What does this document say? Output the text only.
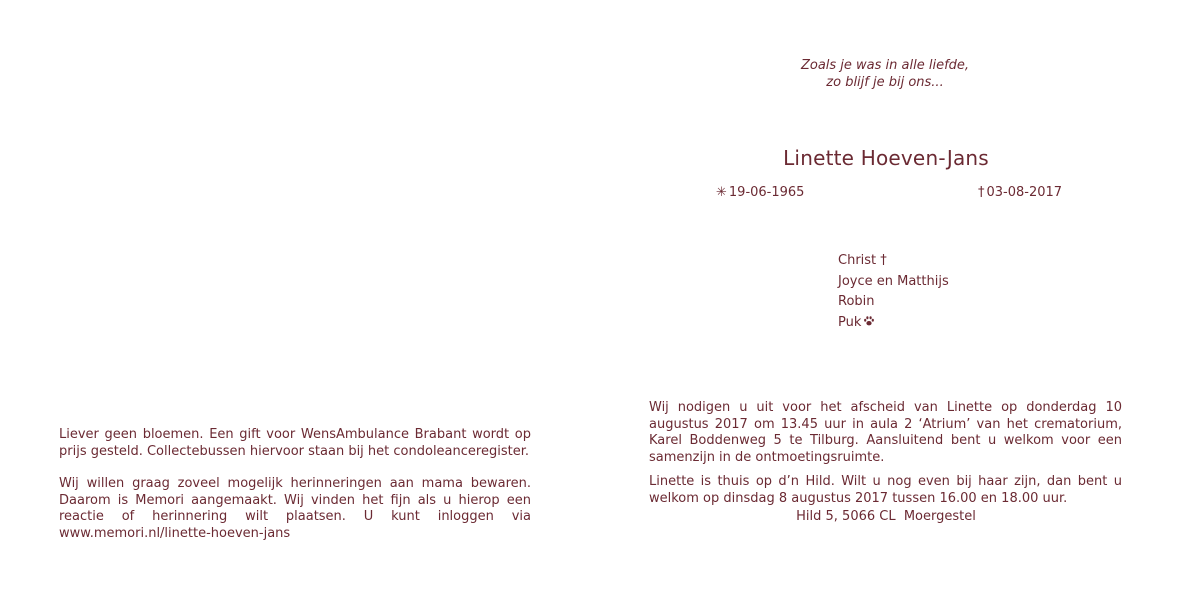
Zoals je was in alle liefde,
zo blijf je bij ons...
Linette Hoeven-Jans
✳ 19-06-1965	† 03-08-2017
Christ †
Joyce en Matthijs
Robin
Puk

Wij nodigen u uit voor het afscheid van Linette op donderdag 10 augustus 2017 om 13.45 uur in aula 2 ‘Atrium’ van het crematorium, Karel Boddenweg 5 te Tilburg. Aansluitend bent u welkom voor een samenzijn in de ontmoetingsruimte.

Linette is thuis op d’n Hild. Wilt u nog even bij haar zijn, dan bent u welkom op dinsdag 8 augustus 2017 tussen 16.00 en 18.00 uur.

Hild 5, 5066 CL  Moergestel

Liever geen bloemen. Een gift voor WensAmbulance Brabant wordt op prijs gesteld. Collectebussen hiervoor staan bij het condoleanceregister.

Wij willen graag zoveel mogelijk herinneringen aan mama bewaren. Daarom is Memori aangemaakt. Wij vinden het fijn als u hierop een reactie of herinnering wilt plaatsen. U kunt inloggen via www.memori.nl/linette-hoeven-jans
